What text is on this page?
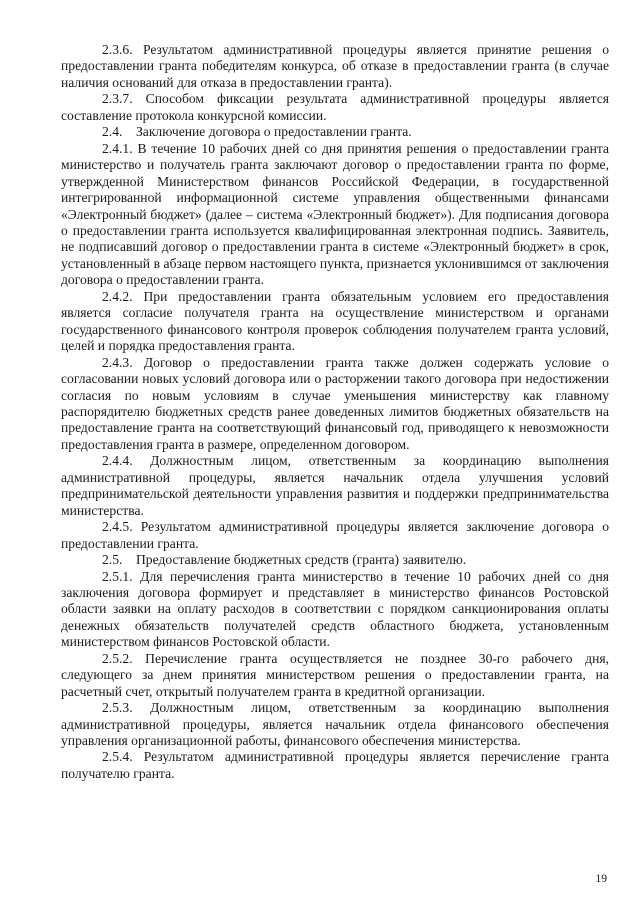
2.3.6. Результатом административной процедуры является принятие решения о предоставлении гранта победителям конкурса, об отказе в предоставлении гранта (в случае наличия оснований для отказа в предоставлении гранта).

2.3.7. Способом фиксации результата административной процедуры является составление протокола конкурсной комиссии.

2.4. Заключение договора о предоставлении гранта.

2.4.1. В течение 10 рабочих дней со дня принятия решения о предоставлении гранта министерство и получатель гранта заключают договор о предоставлении гранта по форме, утвержденной Министерством финансов Российской Федерации, в государственной интегрированной информационной системе управления общественными финансами «Электронный бюджет» (далее – система «Электронный бюджет»). Для подписания договора о предоставлении гранта используется квалифицированная электронная подпись. Заявитель, не подписавший договор о предоставлении гранта в системе «Электронный бюджет» в срок, установленный в абзаце первом настоящего пункта, признается уклонившимся от заключения договора о предоставлении гранта.

2.4.2. При предоставлении гранта обязательным условием его предоставления является согласие получателя гранта на осуществление министерством и органами государственного финансового контроля проверок соблюдения получателем гранта условий, целей и порядка предоставления гранта.

2.4.3. Договор о предоставлении гранта также должен содержать условие о согласовании новых условий договора или о расторжении такого договора при недостижении согласия по новым условиям в случае уменьшения министерству как главному распорядителю бюджетных средств ранее доведенных лимитов бюджетных обязательств на предоставление гранта на соответствующий финансовый год, приводящего к невозможности предоставления гранта в размере, определенном договором.

2.4.4. Должностным лицом, ответственным за координацию выполнения административной процедуры, является начальник отдела улучшения условий предпринимательской деятельности управления развития и поддержки предпринимательства министерства.

2.4.5. Результатом административной процедуры является заключение договора о предоставлении гранта.

2.5. Предоставление бюджетных средств (гранта) заявителю.

2.5.1. Для перечисления гранта министерство в течение 10 рабочих дней со дня заключения договора формирует и представляет в министерство финансов Ростовской области заявки на оплату расходов в соответствии с порядком санкционирования оплаты денежных обязательств получателей средств областного бюджета, установленным министерством финансов Ростовской области.

2.5.2. Перечисление гранта осуществляется не позднее 30-го рабочего дня, следующего за днем принятия министерством решения о предоставлении гранта, на расчетный счет, открытый получателем гранта в кредитной организации.

2.5.3. Должностным лицом, ответственным за координацию выполнения административной процедуры, является начальник отдела финансового обеспечения управления организационной работы, финансового обеспечения министерства.

2.5.4. Результатом административной процедуры является перечисление гранта получателю гранта.

19
